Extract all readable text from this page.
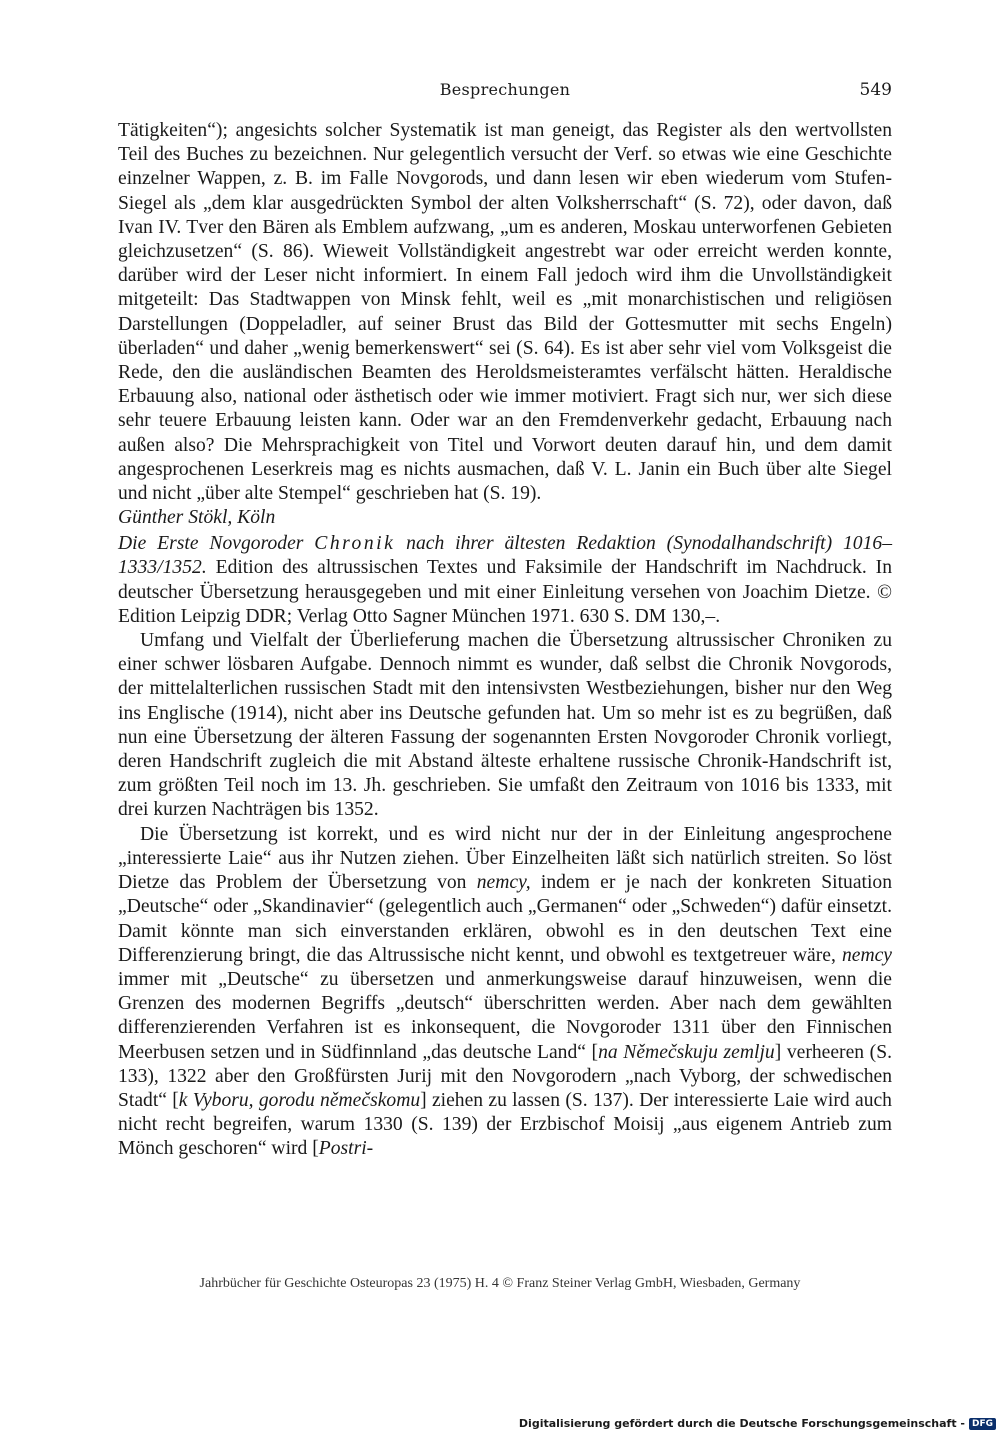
Besprechungen	549

Tätigkeiten“); angesichts solcher Systematik ist man geneigt, das Register als den wertvollsten Teil des Buches zu bezeichnen. Nur gelegentlich versucht der Verf. so etwas wie eine Geschichte einzelner Wappen, z. B. im Falle Novgorods, und dann lesen wir eben wiederum vom Stufen-Siegel als „dem klar ausgedrückten Symbol der alten Volksherrschaft“ (S. 72), oder davon, daß Ivan IV. Tver den Bären als Emblem aufzwang, „um es anderen, Moskau unterworfenen Gebieten gleichzusetzen“ (S. 86). Wieweit Vollständigkeit angestrebt war oder erreicht werden konnte, darüber wird der Leser nicht informiert. In einem Fall jedoch wird ihm die Unvollständigkeit mitgeteilt: Das Stadtwappen von Minsk fehlt, weil es „mit monarchistischen und religiösen Darstellungen (Doppeladler, auf seiner Brust das Bild der Gottesmutter mit sechs Engeln) überladen“ und daher „wenig bemerkenswert“ sei (S. 64). Es ist aber sehr viel vom Volksgeist die Rede, den die ausländischen Beamten des Heroldsmeisteramtes verfälscht hätten. Heraldische Erbauung also, national oder ästhetisch oder wie immer motiviert. Fragt sich nur, wer sich diese sehr teuere Erbauung leisten kann. Oder war an den Fremdenverkehr gedacht, Erbauung nach außen also? Die Mehrsprachigkeit von Titel und Vorwort deuten darauf hin, und dem damit angesprochenen Leserkreis mag es nichts ausmachen, daß V. L. Janin ein Buch über alte Siegel und nicht „über alte Stempel“ geschrieben hat (S. 19).

Günther Stökl, Köln

Die Erste Novgoroder Chronik nach ihrer ältesten Redaktion (Synodalhandschrift) 1016–1333/1352. Edition des altrussischen Textes und Faksimile der Handschrift im Nachdruck. In deutscher Übersetzung herausgegeben und mit einer Einleitung versehen von Joachim Dietze. © Edition Leipzig DDR; Verlag Otto Sagner München 1971. 630 S. DM 130,–.

Umfang und Vielfalt der Überlieferung machen die Übersetzung altrussischer Chroniken zu einer schwer lösbaren Aufgabe. Dennoch nimmt es wunder, daß selbst die Chronik Novgorods, der mittelalterlichen russischen Stadt mit den intensivsten Westbeziehungen, bisher nur den Weg ins Englische (1914), nicht aber ins Deutsche gefunden hat. Um so mehr ist es zu begrüßen, daß nun eine Übersetzung der älteren Fassung der sogenannten Ersten Novgoroder Chronik vorliegt, deren Handschrift zugleich die mit Abstand älteste erhaltene russische Chronik-Handschrift ist, zum größten Teil noch im 13. Jh. geschrieben. Sie umfaßt den Zeitraum von 1016 bis 1333, mit drei kurzen Nachträgen bis 1352.

Die Übersetzung ist korrekt, und es wird nicht nur der in der Einleitung angesprochene „interessierte Laie“ aus ihr Nutzen ziehen. Über Einzelheiten läßt sich natürlich streiten. So löst Dietze das Problem der Übersetzung von nemcy, indem er je nach der konkreten Situation „Deutsche“ oder „Skandinavier“ (gelegentlich auch „Germanen“ oder „Schweden“) dafür einsetzt. Damit könnte man sich einverstanden erklären, obwohl es in den deutschen Text eine Differenzierung bringt, die das Altrussische nicht kennt, und obwohl es textgetreuer wäre, nemcy immer mit „Deutsche“ zu übersetzen und anmerkungsweise darauf hinzuweisen, wenn die Grenzen des modernen Begriffs „deutsch“ überschritten werden. Aber nach dem gewählten differenzierenden Verfahren ist es inkonsequent, die Novgoroder 1311 über den Finnischen Meerbusen setzen und in Südfinnland „das deutsche Land“ [na Němečskuju zemlju] verheeren (S. 133), 1322 aber den Großfürsten Jurij mit den Novgorodern „nach Vyborg, der schwedischen Stadt“ [k Vyboru, gorodu němečskomu] ziehen zu lassen (S. 137). Der interessierte Laie wird auch nicht recht begreifen, warum 1330 (S. 139) der Erzbischof Moisij „aus eigenem Antrieb zum Mönch geschoren“ wird [Postri-

Jahrbücher für Geschichte Osteuropas 23 (1975) H. 4 © Franz Steiner Verlag GmbH, Wiesbaden, Germany
Digitalisierung gefördert durch die Deutsche Forschungsgemeinschaft - DFG
